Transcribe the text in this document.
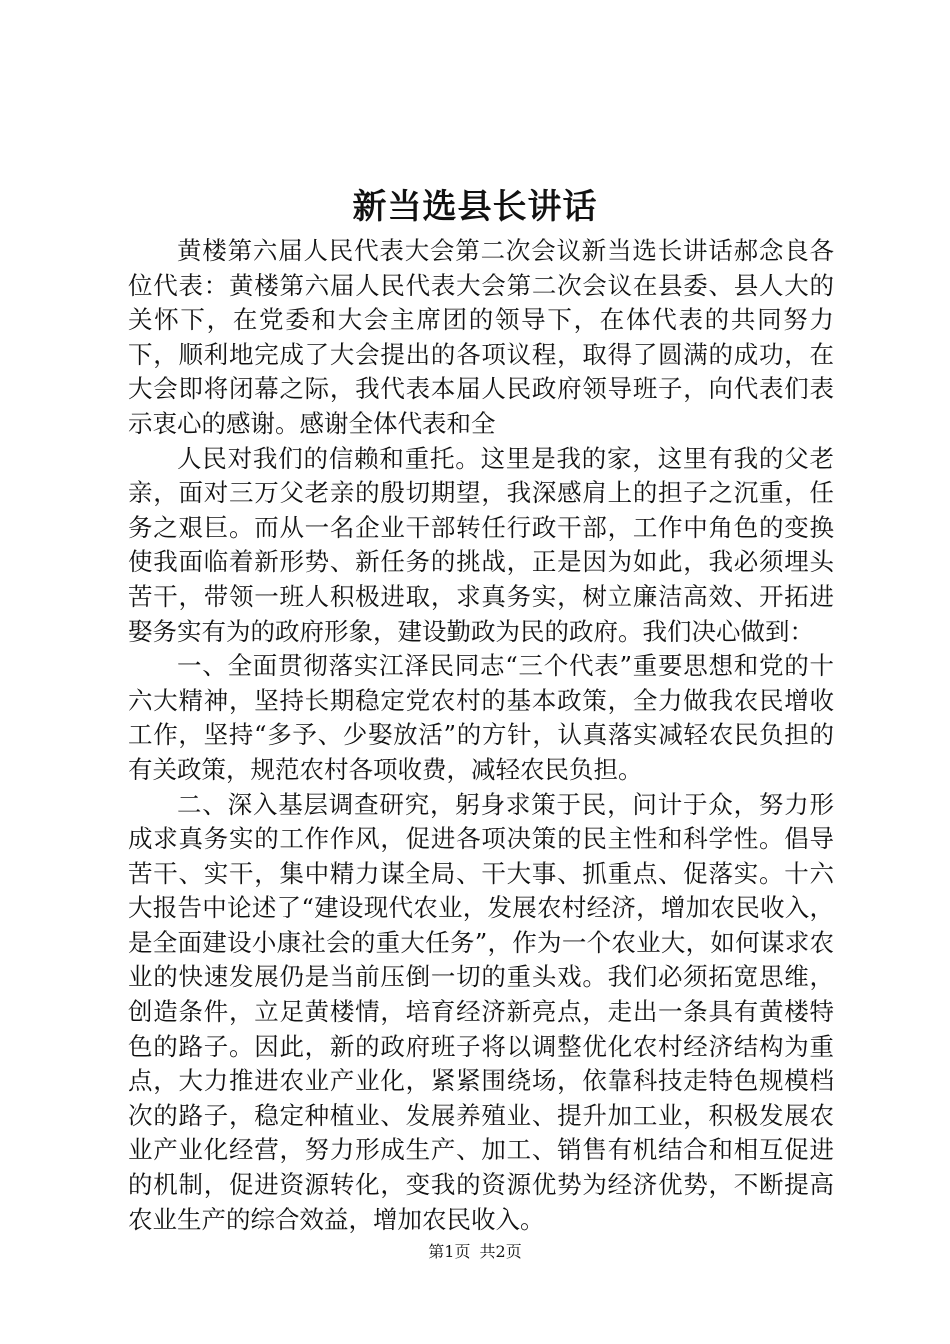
新当选县长讲话

黄楼第六届人民代表大会第二次会议新当选长讲话郝念良各位代表：黄楼第六届人民代表大会第二次会议在县委、县人大的关怀下，在党委和大会主席团的领导下，在体代表的共同努力下，顺利地完成了大会提出的各项议程，取得了圆满的成功，在大会即将闭幕之际，我代表本届人民政府领导班子，向代表们表示衷心的感谢。感谢全体代表和全

人民对我们的信赖和重托。这里是我的家，这里有我的父老亲，面对三万父老亲的殷切期望，我深感肩上的担子之沉重，任务之艰巨。而从一名企业干部转任行政干部，工作中角色的变换使我面临着新形势、新任务的挑战，正是因为如此，我必须埋头苦干，带领一班人积极进取，求真务实，树立廉洁高效、开拓进娶务实有为的政府形象，建设勤政为民的政府。我们决心做到：

一、全面贯彻落实江泽民同志“三个代表”重要思想和党的十六大精神，坚持长期稳定党农村的基本政策，全力做我农民增收工作，坚持“多予、少娶放活”的方针，认真落实减轻农民负担的有关政策，规范农村各项收费，减轻农民负担。

二、深入基层调查研究，躬身求策于民，问计于众，努力形成求真务实的工作作风，促进各项决策的民主性和科学性。倡导苦干、实干，集中精力谋全局、干大事、抓重点、促落实。十六大报告中论述了“建设现代农业，发展农村经济，增加农民收入，是全面建设小康社会的重大任务”，作为一个农业大，如何谋求农业的快速发展仍是当前压倒一切的重头戏。我们必须拓宽思维，创造条件，立足黄楼情，培育经济新亮点，走出一条具有黄楼特色的路子。因此，新的政府班子将以调整优化农村经济结构为重点，大力推进农业产业化，紧紧围绕场，依靠科技走特色规模档次的路子，稳定种植业、发展养殖业、提升加工业，积极发展农业产业化经营，努力形成生产、加工、销售有机结合和相互促进的机制，促进资源转化，变我的资源优势为经济优势，不断提高农业生产的综合效益，增加农民收入。

第1页 共2页
